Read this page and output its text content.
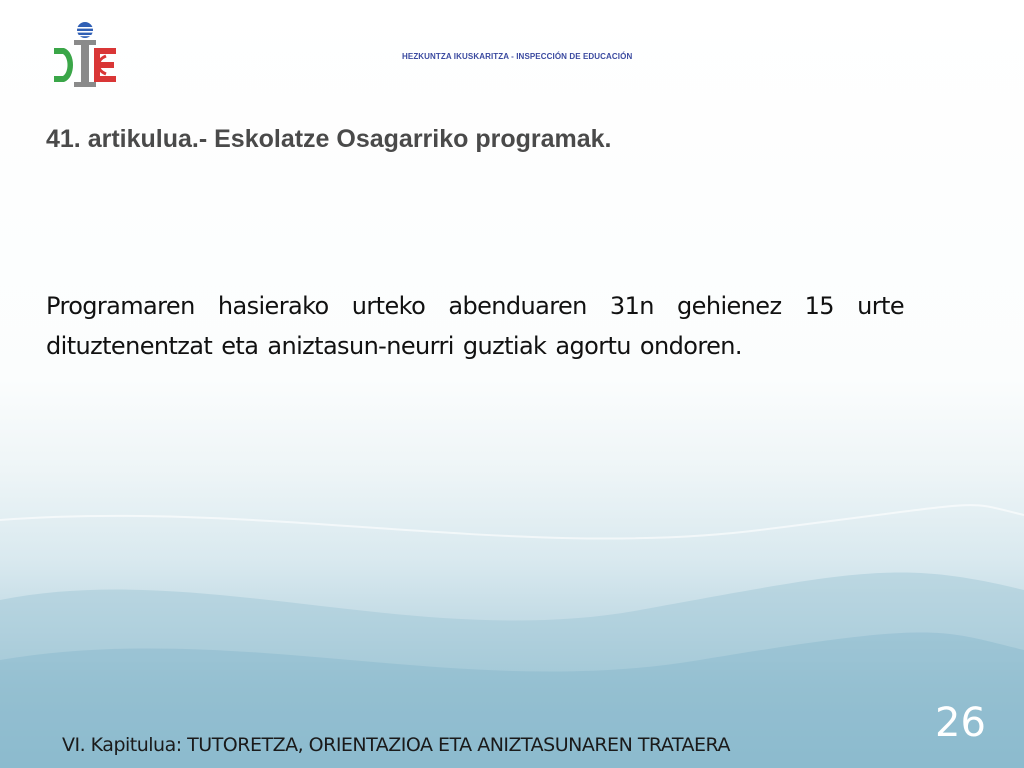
HEZKUNTZA IKUSKARITZA - INSPECCIÓN DE EDUCACIÓN
41. artikulua.- Eskolatze Osagarriko programak.
Programaren hasierako urteko abenduaren 31n gehienez 15 urte dituztenentzat eta aniztasun-neurri guztiak agortu ondoren.
VI. Kapitulua: TUTORETZA, ORIENTAZIOA ETA ANIZTASUNAREN TRATAERA	26
